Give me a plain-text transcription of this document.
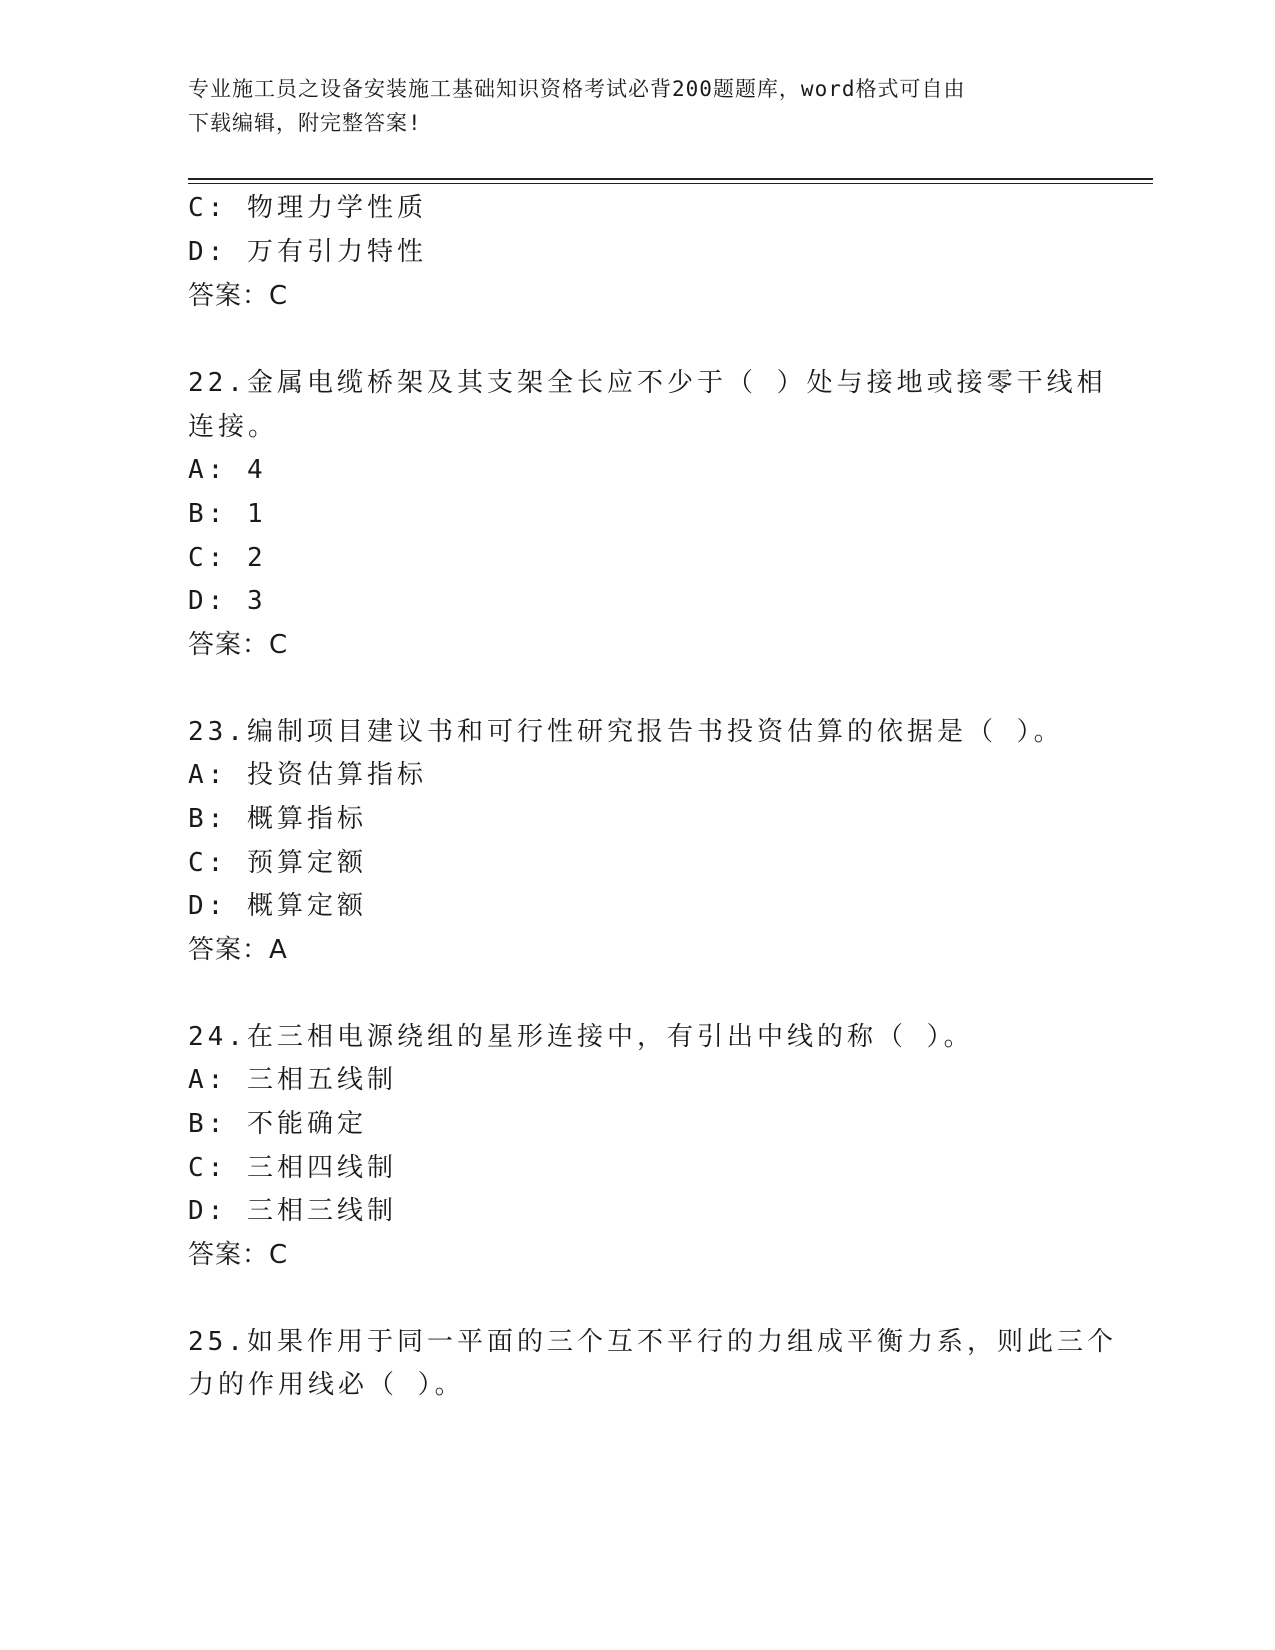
专业施工员之设备安装施工基础知识资格考试必背200题题库，word格式可自由
下载编辑，附完整答案!
C: 物理力学性质
D: 万有引力特性
答案：C
22.金属电缆桥架及其支架全长应不少于（ ）处与接地或接零干线相
连接。
A: 4
B: 1
C: 2
D: 3
答案：C
23.编制项目建议书和可行性研究报告书投资估算的依据是（ ）。
A: 投资估算指标
B: 概算指标
C: 预算定额
D: 概算定额
答案：A
24.在三相电源绕组的星形连接中，有引出中线的称（ ）。
A: 三相五线制
B: 不能确定
C: 三相四线制
D: 三相三线制
答案：C
25.如果作用于同一平面的三个互不平行的力组成平衡力系，则此三个
力的作用线必（ ）。
